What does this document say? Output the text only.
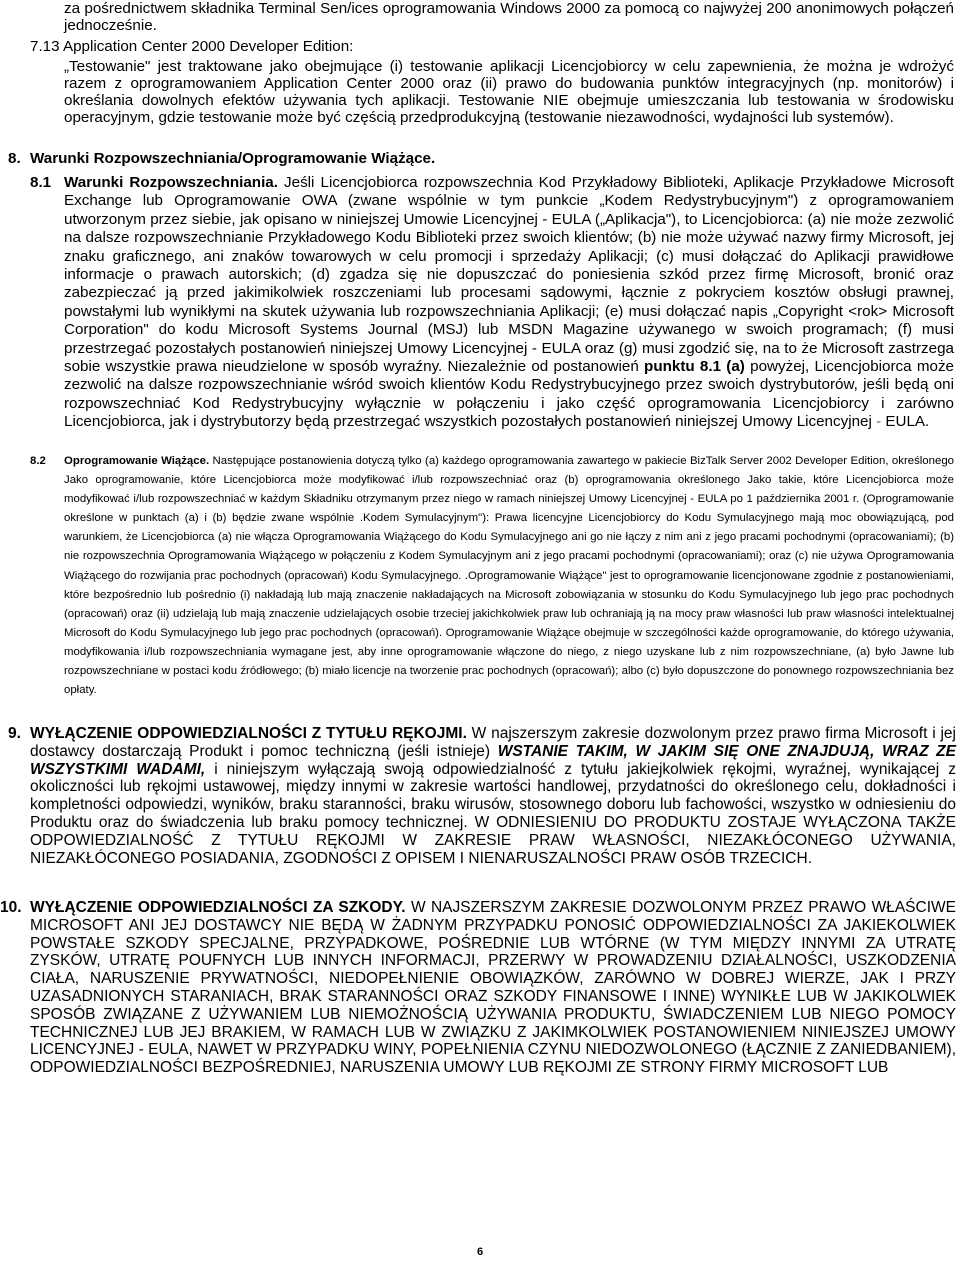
za pośrednictwem składnika Terminal Sen/ices oprogramowania Windows 2000 za pomocą co najwyżej 200 anonimowych połączeń jednocześnie.

7.13 Application Center 2000 Developer Edition:

„Testowanie" jest traktowane jako obejmujące (i) testowanie aplikacji Licencjobiorcy w celu zapewnienia, że można je wdrożyć razem z oprogramowaniem Application Center 2000 oraz (ii) prawo do budowania punktów integracyjnych (np. monitorów) i określania dowolnych efektów używania tych aplikacji. Testowanie NIE obejmuje umieszczania lub testowania w środowisku operacyjnym, gdzie testowanie może być częścią przedprodukcyjną (testowanie niezawodności, wydajności lub systemów).

8. Warunki Rozpowszechniania/Oprogramowanie Wiążące.

8.1 Warunki Rozpowszechniania. Jeśli Licencjobiorca rozpowszechnia Kod Przykładowy Biblioteki, Aplikacje Przykładowe Microsoft Exchange lub Oprogramowanie OWA (zwane wspólnie w tym punkcie „Kodem Redystrybucyjnym") z oprogramowaniem utworzonym przez siebie, jak opisano w niniejszej Umowie Licencyjnej - EULA („Aplikacja"), to Licencjobiorca: (a) nie może zezwolić na dalsze rozpowszechnianie Przykładowego Kodu Biblioteki przez swoich klientów; (b) nie może używać nazwy firmy Microsoft, jej znaku graficznego, ani znaków towarowych w celu promocji i sprzedaży Aplikacji; (c) musi dołączać do Aplikacji prawidłowe informacje o prawach autorskich; (d) zgadza się nie dopuszczać do poniesienia szkód przez firmę Microsoft, bronić oraz zabezpieczać ją przed jakimikolwiek roszczeniami lub procesami sądowymi, łącznie z pokryciem kosztów obsługi prawnej, powstałymi lub wynikłymi na skutek używania lub rozpowszechniania Aplikacji; (e) musi dołączać napis „Copyright <rok> Microsoft Corporation" do kodu Microsoft Systems Journal (MSJ) lub MSDN Magazine używanego w swoich programach; (f) musi przestrzegać pozostałych postanowień niniejszej Umowy Licencyjnej - EULA oraz (g) musi zgodzić się, na to że Microsoft zastrzega sobie wszystkie prawa nieudzielone w sposób wyraźny. Niezależnie od postanowień punktu 8.1 (a) powyżej, Licencjobiorca może zezwolić na dalsze rozpowszechnianie wśród swoich klientów Kodu Redystrybucyjnego przez swoich dystrybutorów, jeśli będą oni rozpowszechniać Kod Redystrybucyjny wyłącznie w połączeniu i jako część oprogramowania Licencjobiorcy i zarówno Licencjobiorca, jak i dystrybutorzy będą przestrzegać wszystkich pozostałych postanowień niniejszej Umowy Licencyjnej - EULA.

8.2 Oprogramowanie Wiążące. Następujące postanowienia dotyczą tylko (a) każdego oprogramowania zawartego w pakiecie BizTalk Server 2002 Developer Edition, określonego Jako oprogramowanie, które Licencjobiorca może modyfikować i/lub rozpowszechniać oraz (b) oprogramowania określonego Jako takie, które Licencjobiorca może modyfikować i/lub rozpowszechniać w każdym Składniku otrzymanym przez niego w ramach niniejszej Umowy Licencyjnej - EULA po 1 października 2001 r. (Oprogramowanie określone w punktach (a) i (b) będzie zwane wspólnie .Kodem Symulacyjnym"): Prawa licencyjne Licencjobiorcy do Kodu Symulacyjnego mają moc obowiązującą, pod warunkiem, że Licencjobiorca (a) nie włącza Oprogramowania Wiążącego do Kodu Symulacyjnego ani go nie łączy z nim ani z jego pracami pochodnymi (opracowaniami); (b) nie rozpowszechnia Oprogramowania Wiążącego w połączeniu z Kodem Symulacyjnym ani z jego pracami pochodnymi (opracowaniami); oraz (c) nie używa Oprogramowania Wiążącego do rozwijania prac pochodnych (opracowań) Kodu Symulacyjnego. .Oprogramowanie Wiążące" jest to oprogramowanie licencjonowane zgodnie z postanowieniami, które bezpośrednio lub pośrednio (i) nakładają lub mają znaczenie nakładających na Microsoft zobowiązania w stosunku do Kodu Symulacyjnego lub jego prac pochodnych (opracowań) oraz (ii) udzielają lub mają znaczenie udzielających osobie trzeciej jakichkolwiek praw lub ochraniają ją na mocy praw własności lub praw własności intelektualnej Microsoft do Kodu Symulacyjnego lub jego prac pochodnych (opracowań). Oprogramowanie Wiążące obejmuje w szczególności każde oprogramowanie, do którego używania, modyfikowania i/lub rozpowszechniania wymagane jest, aby inne oprogramowanie włączone do niego, z niego uzyskane lub z nim rozpowszechniane, (a) było Jawne lub rozpowszechniane w postaci kodu źródłowego; (b) miało licencje na tworzenie prac pochodnych (opracowań); albo (c) było dopuszczone do ponownego rozpowszechniania bez opłaty.

9. WYŁĄCZENIE ODPOWIEDZIALNOŚCI Z TYTUŁU RĘKOJMI. W najszerszym zakresie dozwolonym przez prawo firma Microsoft i jej dostawcy dostarczają Produkt i pomoc techniczną (jeśli istnieje) WSTANIE TAKIM, W JAKIM SIĘ ONE ZNAJDUJĄ, WRAZ ZE WSZYSTKIMI WADAMI, i niniejszym wyłączają swoją odpowiedzialność z tytułu jakiejkolwiek rękojmi, wyraźnej, wynikającej z okoliczności lub rękojmi ustawowej, między innymi w zakresie wartości handlowej, przydatności do określonego celu, dokładności i kompletności odpowiedzi, wyników, braku staranności, braku wirusów, stosownego doboru lub fachowości, wszystko w odniesieniu do Produktu oraz do świadczenia lub braku pomocy technicznej. W ODNIESIENIU DO PRODUKTU ZOSTAJE WYŁĄCZONA TAKŻE ODPOWIEDZIALNOŚĆ Z TYTUŁU RĘKOJMI W ZAKRESIE PRAW WŁASNOŚCI, NIEZAKŁÓCONEGO UŻYWANIA, NIEZAKŁÓCONEGO POSIADANIA, ZGODNOŚCI Z OPISEM I NIENARUSZALNOŚCI PRAW OSÓB TRZECICH.

10. WYŁĄCZENIE ODPOWIEDZIALNOŚCI ZA SZKODY. W NAJSZERSZYM ZAKRESIE DOZWOLONYM PRZEZ PRAWO WŁAŚCIWE MICROSOFT ANI JEJ DOSTAWCY NIE BĘDĄ W ŻADNYM PRZYPADKU PONOSIĆ ODPOWIEDZIALNOŚCI ZA JAKIEKOLWIEK POWSTAŁE SZKODY SPECJALNE, PRZYPADKOWE, POŚREDNIE LUB WTÓRNE (W TYM MIĘDZY INNYMI ZA UTRATĘ ZYSKÓW, UTRATĘ POUFNYCH LUB INNYCH INFORMACJI, PRZERWY W PROWADZENIU DZIAŁALNOŚCI, USZKODZENIA CIAŁA, NARUSZENIE PRYWATNOŚCI, NIEDOPEŁNIENIE OBOWIĄZKÓW, ZARÓWNO W DOBREJ WIERZE, JAK I PRZY UZASADNIONYCH STARANIACH, BRAK STARANNOŚCI ORAZ SZKODY FINANSOWE I INNE) WYNIKŁE LUB W JAKIKOLWIEK SPOSÓB ZWIĄZANE Z UŻYWANIEM LUB NIEMOŻNOŚCIĄ UŻYWANIA PRODUKTU, ŚWIADCZENIEM LUB NIEGO POMOCY TECHNICZNEJ LUB JEJ BRAKIEM, W RAMACH LUB W ZWIĄZKU Z JAKIMKOLWIEK POSTANOWIENIEM NINIEJSZEJ UMOWY LICENCYJNEJ - EULA, NAWET W PRZYPADKU WINY, POPEŁNIENIA CZYNU NIEDOZWOLONEGO (ŁĄCZNIE Z ZANIEDBANIEM), ODPOWIEDZIALNOŚCI BEZPOŚREDNIEJ, NARUSZENIA UMOWY LUB RĘKOJMI ZE STRONY FIRMY MICROSOFT LUB

6
